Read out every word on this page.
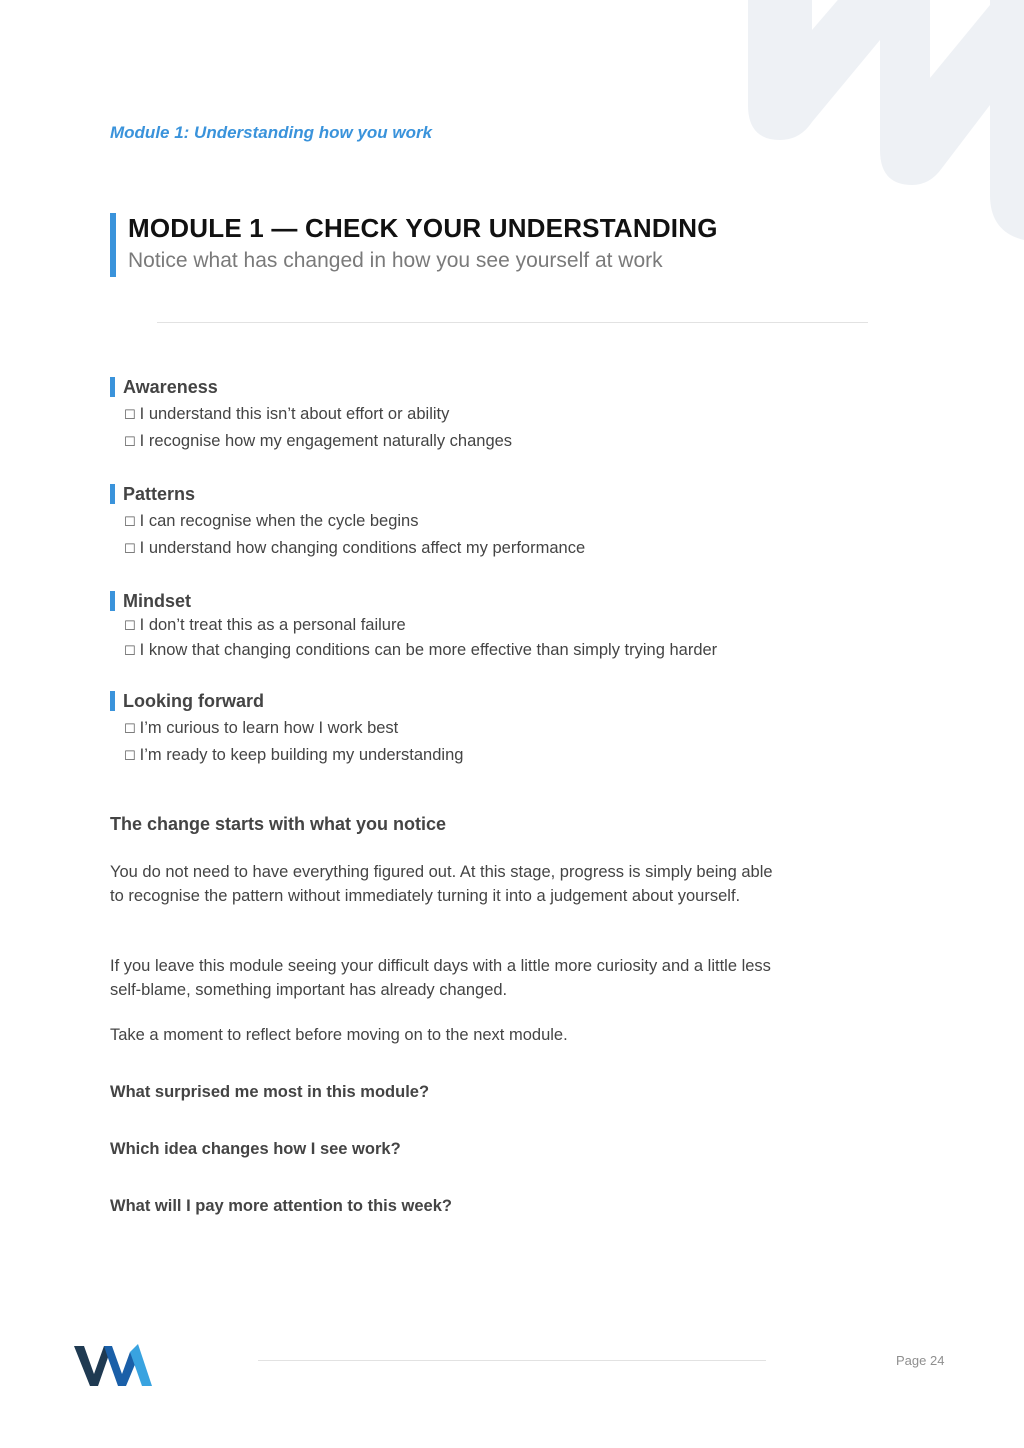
Module 1: Understanding how you work
MODULE 1 — CHECK YOUR UNDERSTANDING
Notice what has changed in how you see yourself at work
Awareness
☐ I understand this isn’t about effort or ability
☐ I recognise how my engagement naturally changes
Patterns
☐ I can recognise when the cycle begins
☐ I understand how changing conditions affect my performance
Mindset
☐ I don’t treat this as a personal failure
☐ I know that changing conditions can be more effective than simply trying harder
Looking forward
☐ I’m curious to learn how I work best
☐ I’m ready to keep building my understanding
The change starts with what you notice

You do not need to have everything figured out. At this stage, progress is simply being able to recognise the pattern without immediately turning it into a judgement about yourself.

If you leave this module seeing your difficult days with a little more curiosity and a little less self-blame, something important has already changed.

Take a moment to reflect before moving on to the next module.

What surprised me most in this module?
Which idea changes how I see work?
What will I pay more attention to this week?
Page 24
